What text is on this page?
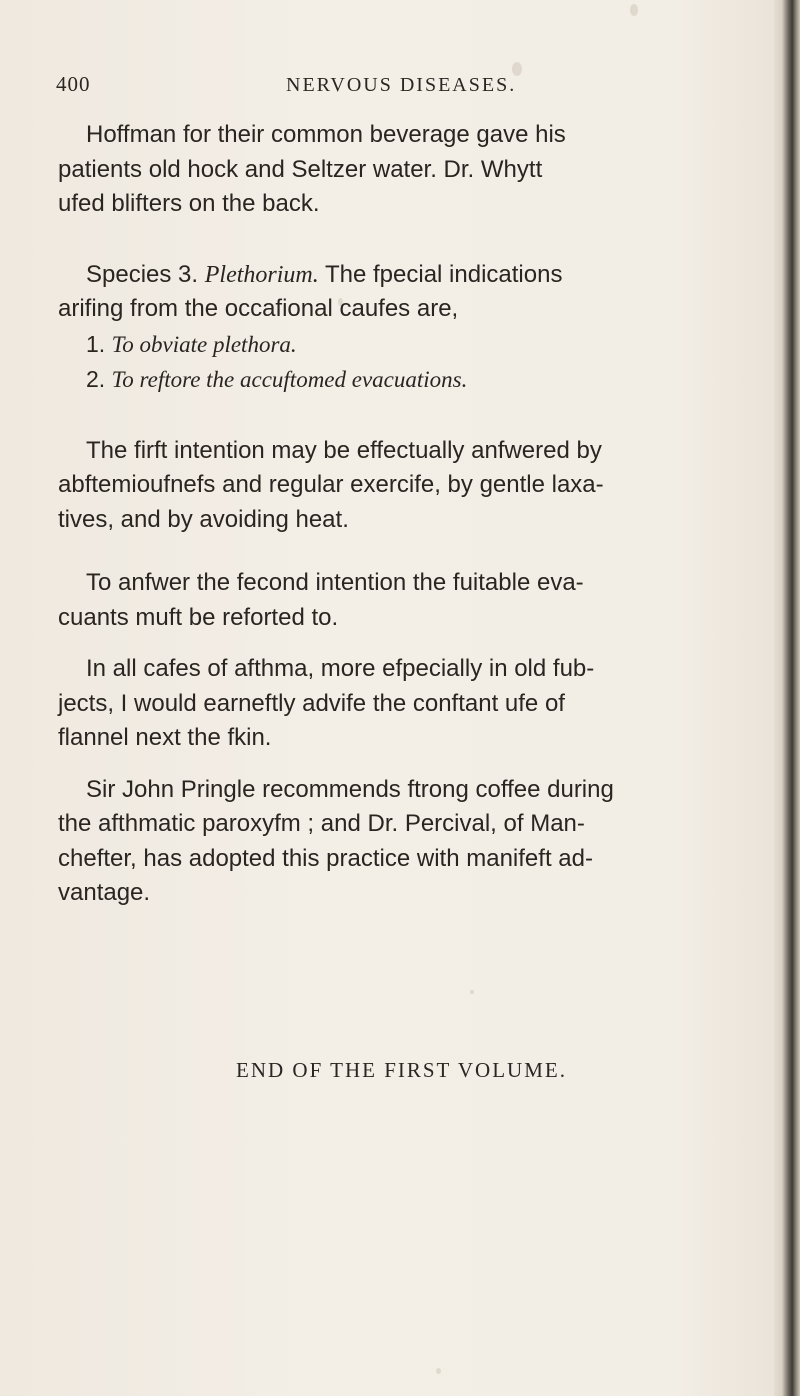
400	NERVOUS DISEASES.

Hoffman for their common beverage gave his
patients old hock and Seltzer water. Dr. Whytt
ufed blifters on the back.

Species 3. Plethorium. The fpecial indications
arifing from the occafional caufes are,

1. To obviate plethora.

2. To reftore the accuftomed evacuations.

The firft intention may be effectually anfwered by
abftemioufnefs and regular exercife, by gentle laxa-
tives, and by avoiding heat.

To anfwer the fecond intention the fuitable eva-
cuants muft be reforted to.

In all cafes of afthma, more efpecially in old fub-
jects, I would earneftly advife the conftant ufe of
flannel next the fkin.

Sir John Pringle recommends ftrong coffee during
the afthmatic paroxyfm ; and Dr. Percival, of Man-
chefter, has adopted this practice with manifeft ad-
vantage.

END OF THE FIRST VOLUME.
